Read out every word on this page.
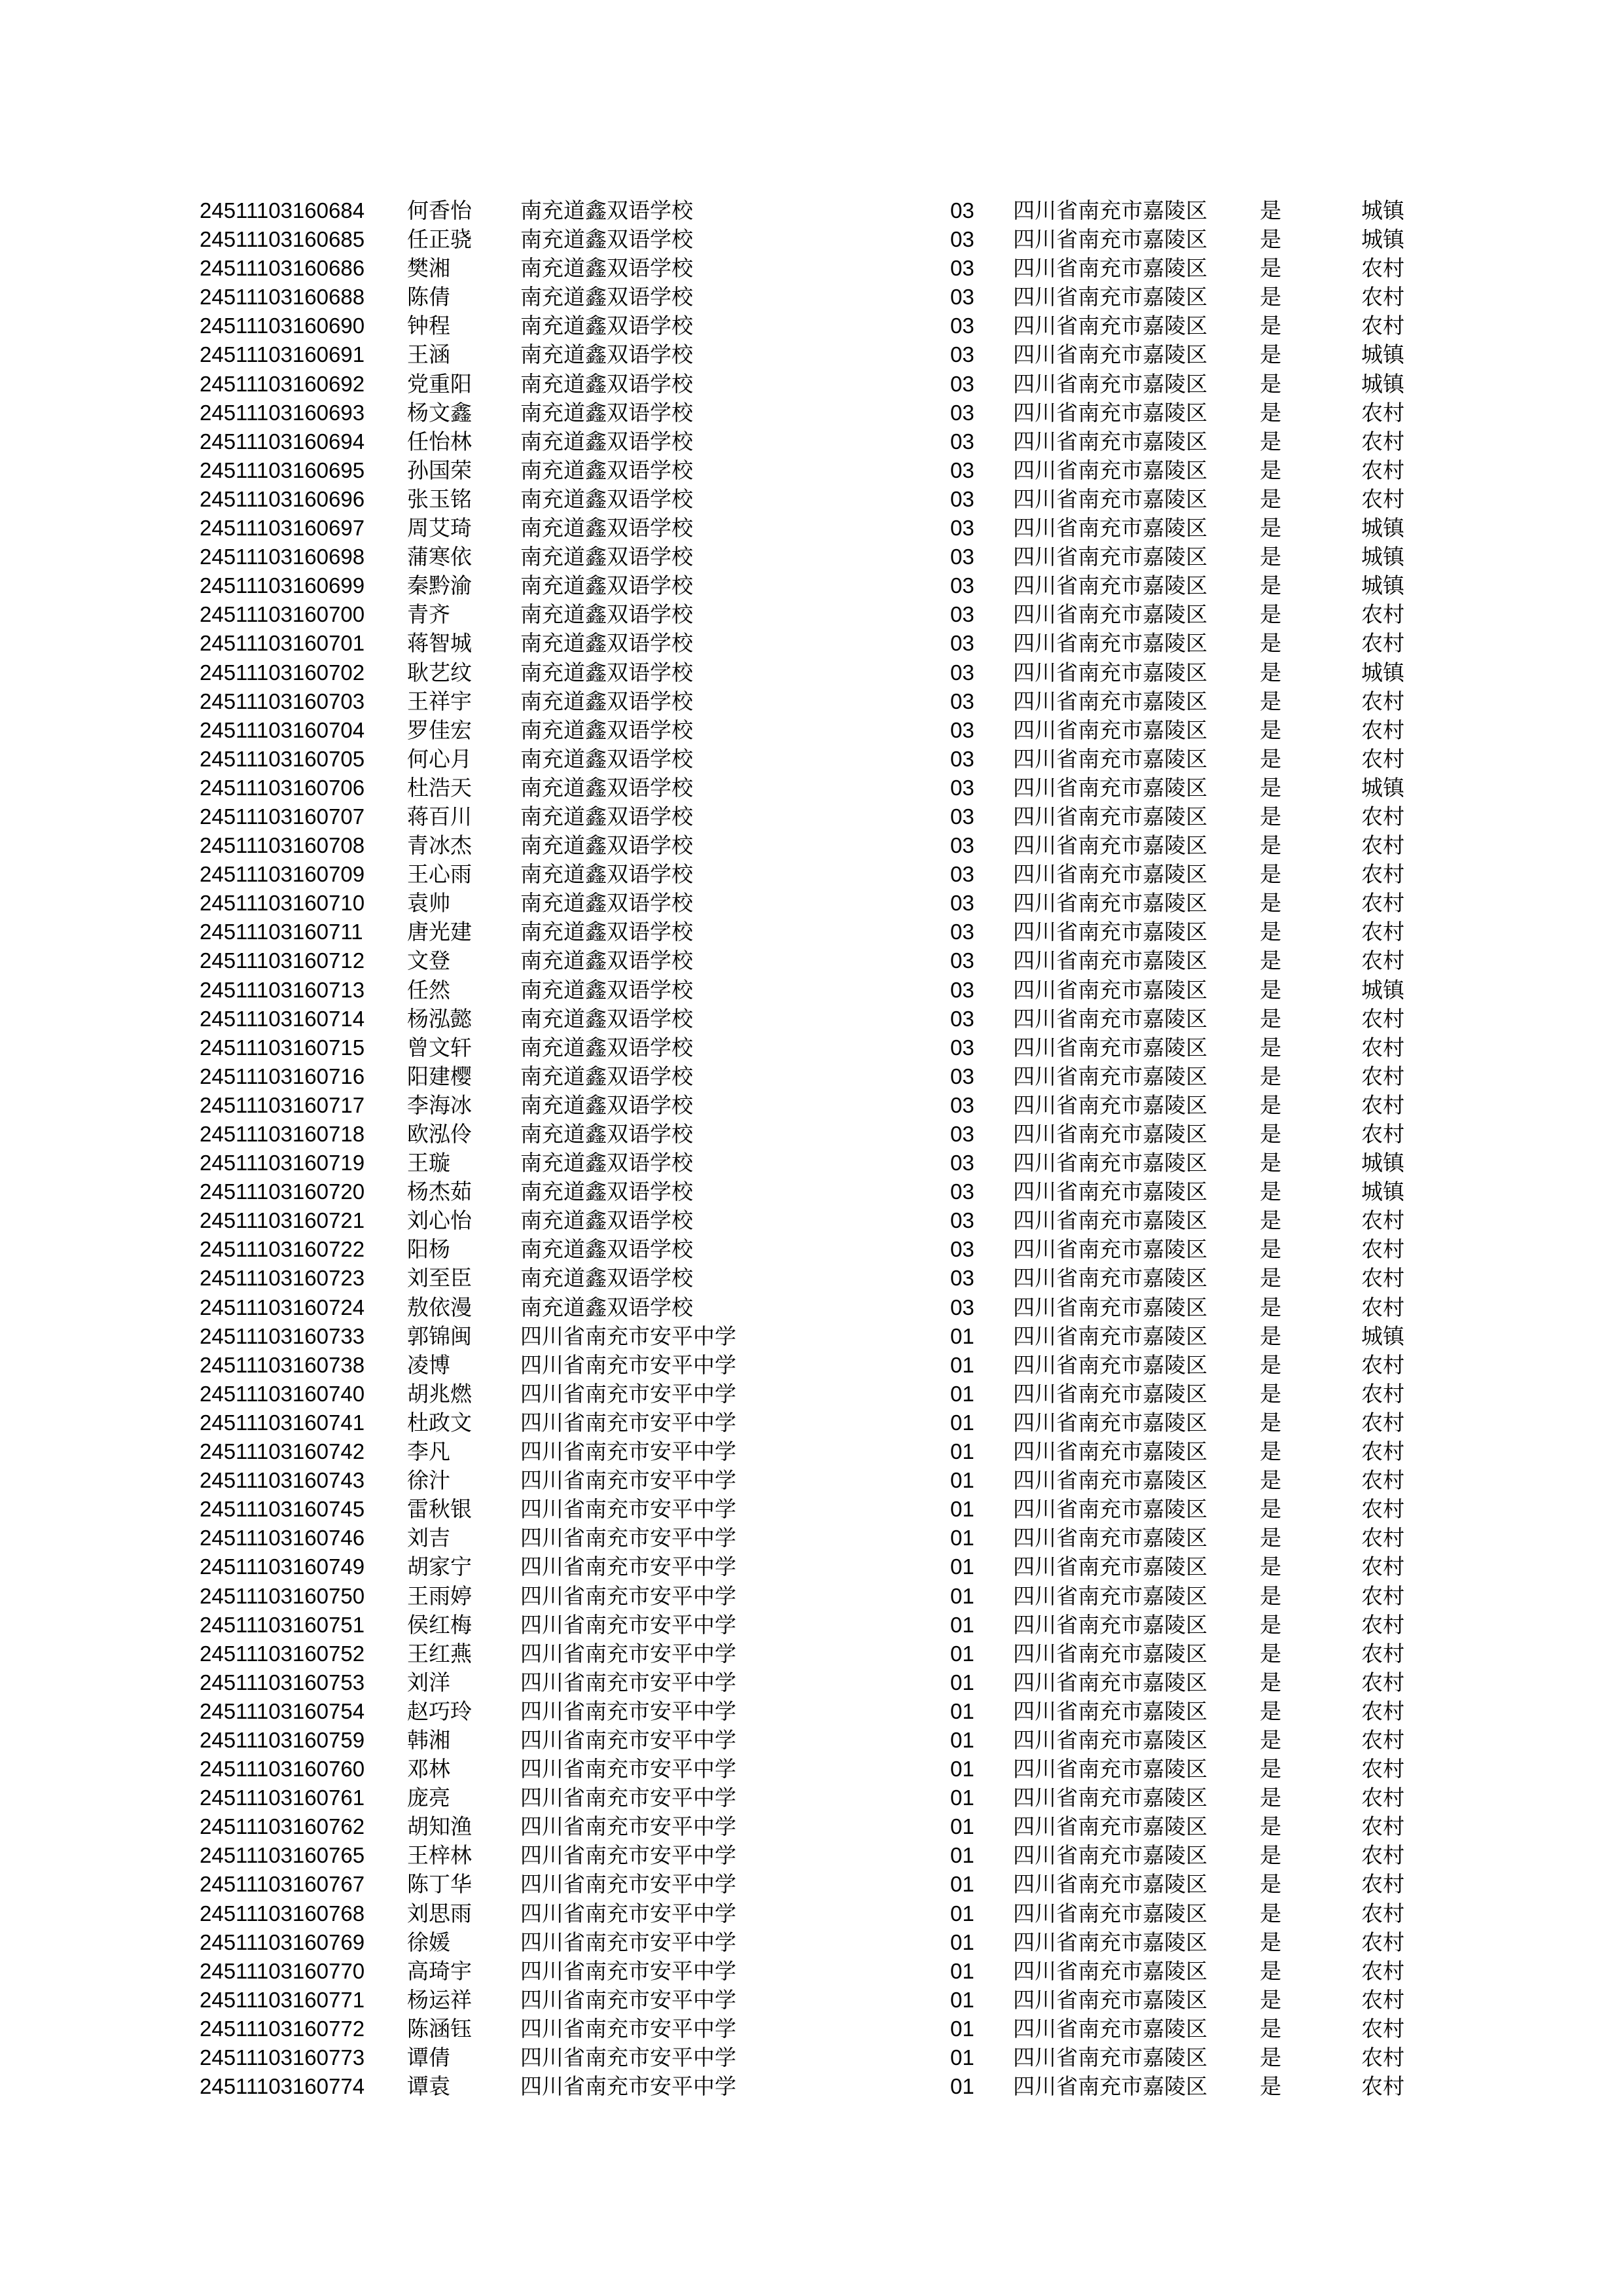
24511103160684 何香怡 南充道鑫双语学校	03 四川省南充市嘉陵区 是	城镇
24511103160685 任正骁 南充道鑫双语学校	03 四川省南充市嘉陵区 是	城镇
24511103160686 樊湘	南充道鑫双语学校	03 四川省南充市嘉陵区 是	农村
24511103160688 陈倩	南充道鑫双语学校	03 四川省南充市嘉陵区 是	农村
24511103160690 钟程	南充道鑫双语学校	03 四川省南充市嘉陵区 是	农村
24511103160691 王涵	南充道鑫双语学校	03 四川省南充市嘉陵区 是	城镇
24511103160692 党重阳 南充道鑫双语学校	03 四川省南充市嘉陵区 是	城镇
24511103160693 杨文鑫 南充道鑫双语学校	03 四川省南充市嘉陵区 是	农村
24511103160694 任怡林 南充道鑫双语学校	03 四川省南充市嘉陵区 是	农村
24511103160695 孙国荣 南充道鑫双语学校	03 四川省南充市嘉陵区 是	农村
24511103160696 张玉铭 南充道鑫双语学校	03 四川省南充市嘉陵区 是	农村
24511103160697 周艾琦 南充道鑫双语学校	03 四川省南充市嘉陵区 是	城镇
24511103160698 蒲寒依 南充道鑫双语学校	03 四川省南充市嘉陵区 是	城镇
24511103160699 秦黔渝 南充道鑫双语学校	03 四川省南充市嘉陵区 是	城镇
24511103160700 青齐	南充道鑫双语学校	03 四川省南充市嘉陵区 是	农村
24511103160701 蒋智城 南充道鑫双语学校	03 四川省南充市嘉陵区 是	农村
24511103160702 耿艺纹 南充道鑫双语学校	03 四川省南充市嘉陵区 是	城镇
24511103160703 王祥宇 南充道鑫双语学校	03 四川省南充市嘉陵区 是	农村
24511103160704 罗佳宏 南充道鑫双语学校	03 四川省南充市嘉陵区 是	农村
24511103160705 何心月 南充道鑫双语学校	03 四川省南充市嘉陵区 是	农村
24511103160706 杜浩天 南充道鑫双语学校	03 四川省南充市嘉陵区 是	城镇
24511103160707 蒋百川 南充道鑫双语学校	03 四川省南充市嘉陵区 是	农村
24511103160708 青冰杰 南充道鑫双语学校	03 四川省南充市嘉陵区 是	农村
24511103160709 王心雨 南充道鑫双语学校	03 四川省南充市嘉陵区 是	农村
24511103160710 袁帅	南充道鑫双语学校	03 四川省南充市嘉陵区 是	农村
24511103160711 唐光建 南充道鑫双语学校	03 四川省南充市嘉陵区 是	农村
24511103160712 文登	南充道鑫双语学校	03 四川省南充市嘉陵区 是	农村
24511103160713 任然	南充道鑫双语学校	03 四川省南充市嘉陵区 是	城镇
24511103160714 杨泓懿 南充道鑫双语学校	03 四川省南充市嘉陵区 是	农村
24511103160715 曾文轩 南充道鑫双语学校	03 四川省南充市嘉陵区 是	农村
24511103160716 阳建樱 南充道鑫双语学校	03 四川省南充市嘉陵区 是	农村
24511103160717 李海冰 南充道鑫双语学校	03 四川省南充市嘉陵区 是	农村
24511103160718 欧泓伶 南充道鑫双语学校	03 四川省南充市嘉陵区 是	农村
24511103160719 王璇	南充道鑫双语学校	03 四川省南充市嘉陵区 是	城镇
24511103160720 杨杰茹 南充道鑫双语学校	03 四川省南充市嘉陵区 是	城镇
24511103160721 刘心怡 南充道鑫双语学校	03 四川省南充市嘉陵区 是	农村
24511103160722 阳杨	南充道鑫双语学校	03 四川省南充市嘉陵区 是	农村
24511103160723 刘至臣 南充道鑫双语学校	03 四川省南充市嘉陵区 是	农村
24511103160724 敖依漫 南充道鑫双语学校	03 四川省南充市嘉陵区 是	农村
24511103160733 郭锦闽 四川省南充市安平中学	01 四川省南充市嘉陵区 是	城镇
24511103160738 凌博	四川省南充市安平中学	01 四川省南充市嘉陵区 是	农村
24511103160740 胡兆燃 四川省南充市安平中学	01 四川省南充市嘉陵区 是	农村
24511103160741 杜政文 四川省南充市安平中学	01 四川省南充市嘉陵区 是	农村
24511103160742 李凡	四川省南充市安平中学	01 四川省南充市嘉陵区 是	农村
24511103160743 徐汁	四川省南充市安平中学	01 四川省南充市嘉陵区 是	农村
24511103160745 雷秋银 四川省南充市安平中学	01 四川省南充市嘉陵区 是	农村
24511103160746 刘吉	四川省南充市安平中学	01 四川省南充市嘉陵区 是	农村
24511103160749 胡家宁 四川省南充市安平中学	01 四川省南充市嘉陵区 是	农村
24511103160750 王雨婷 四川省南充市安平中学	01 四川省南充市嘉陵区 是	农村
24511103160751 侯红梅 四川省南充市安平中学	01 四川省南充市嘉陵区 是	农村
24511103160752 王红燕 四川省南充市安平中学	01 四川省南充市嘉陵区 是	农村
24511103160753 刘洋	四川省南充市安平中学	01 四川省南充市嘉陵区 是	农村
24511103160754 赵巧玲 四川省南充市安平中学	01 四川省南充市嘉陵区 是	农村
24511103160759 韩湘	四川省南充市安平中学	01 四川省南充市嘉陵区 是	农村
24511103160760 邓林	四川省南充市安平中学	01 四川省南充市嘉陵区 是	农村
24511103160761 庞亮	四川省南充市安平中学	01 四川省南充市嘉陵区 是	农村
24511103160762 胡知渔 四川省南充市安平中学	01 四川省南充市嘉陵区 是	农村
24511103160765 王梓林 四川省南充市安平中学	01 四川省南充市嘉陵区 是	农村
24511103160767 陈丁华 四川省南充市安平中学	01 四川省南充市嘉陵区 是	农村
24511103160768 刘思雨 四川省南充市安平中学	01 四川省南充市嘉陵区 是	农村
24511103160769 徐媛	四川省南充市安平中学	01 四川省南充市嘉陵区 是	农村
24511103160770 高琦宇 四川省南充市安平中学	01 四川省南充市嘉陵区 是	农村
24511103160771 杨运祥 四川省南充市安平中学	01 四川省南充市嘉陵区 是	农村
24511103160772 陈涵钰 四川省南充市安平中学	01 四川省南充市嘉陵区 是	农村
24511103160773 谭倩	四川省南充市安平中学	01 四川省南充市嘉陵区 是	农村
24511103160774 谭袁	四川省南充市安平中学	01 四川省南充市嘉陵区 是	农村
